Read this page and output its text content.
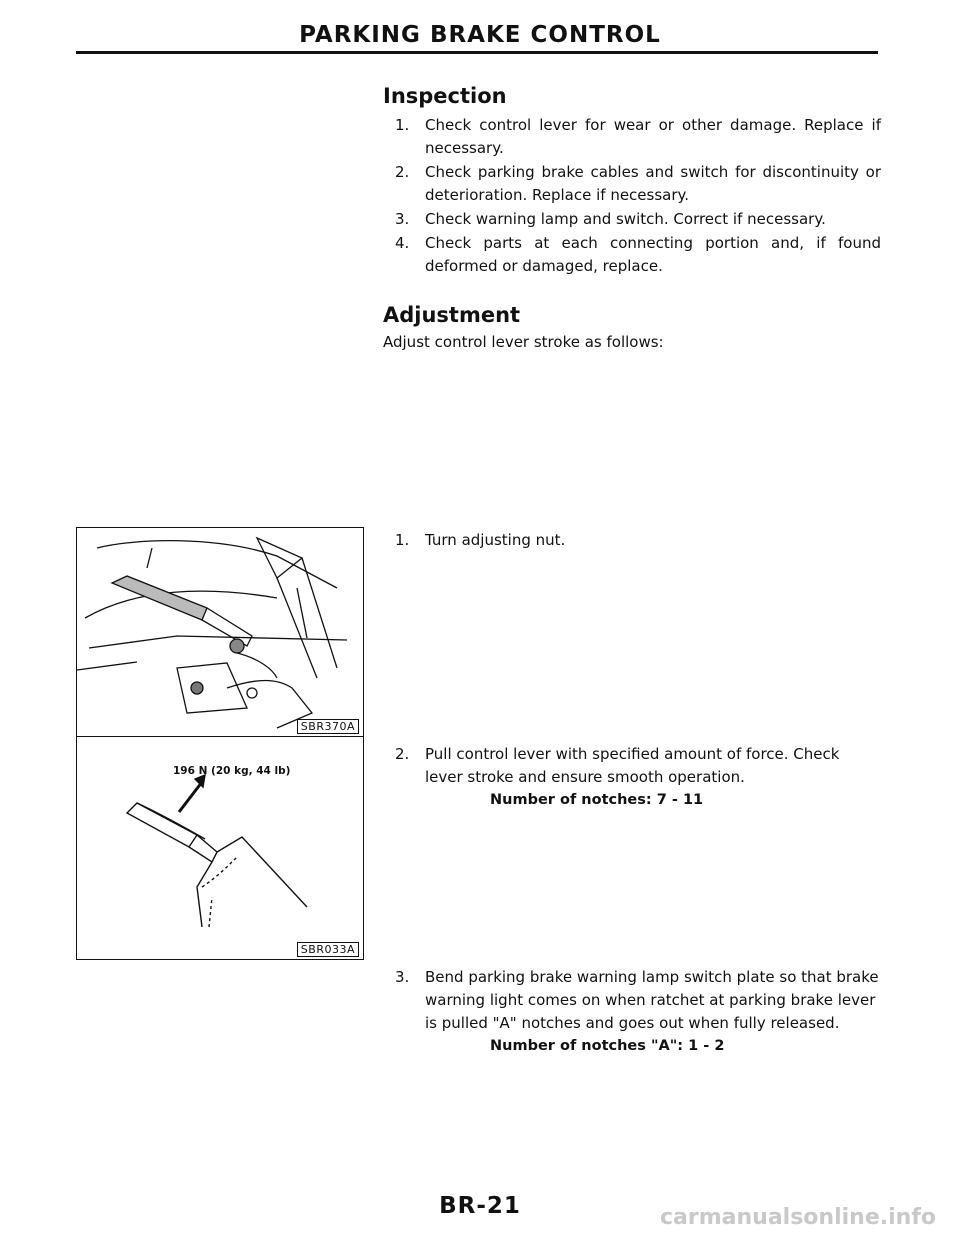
PARKING BRAKE CONTROL
Inspection
1. Check control lever for wear or other damage. Replace if necessary.
2. Check parking brake cables and switch for discontinuity or deterioration. Replace if necessary.
3. Check warning lamp and switch. Correct if necessary.
4. Check parts at each connecting portion and, if found deformed or damaged, replace.
Adjustment
Adjust control lever stroke as follows:
1.	Turn adjusting nut.
2.	Pull control lever with specified amount of force. Check lever stroke and ensure smooth operation.
Number of notches: 7 - 11
3.	Bend parking brake warning lamp switch plate so that brake warning light comes on when ratchet at parking brake lever is pulled "A" notches and goes out when fully released.
Number of notches "A": 1 - 2
SBR370A
196 N (20 kg, 44 lb)
SBR033A
BR-21	carmanualsonline.info
